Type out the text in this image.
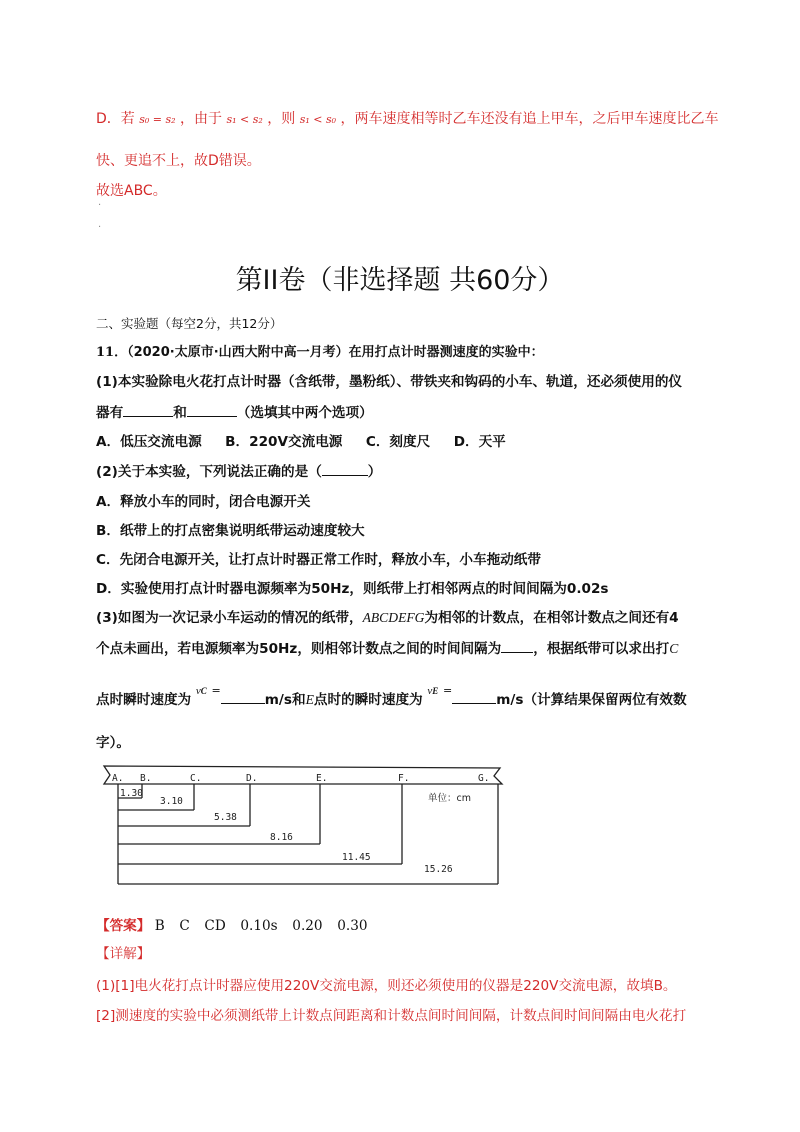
D．若 s₀ = s₂ ，由于 s₁ < s₂ ，则 s₁ < s₀ ，两车速度相等时乙车还没有追上甲车，之后甲车速度比乙车
快、更追不上，故D错误。
故选ABC。
·
·
第II卷（非选择题 共60分）
二、实验题（每空2分，共12分）
11．（2020·太原市·山西大附中高一月考）在用打点计时器测速度的实验中：
(1)本实验除电火花打点计时器（含纸带，墨粉纸）、带铁夹和钩码的小车、轨道，还必须使用的仪
器有	和	（选填其中两个选项）
A．低压交流电源 B．220V交流电源 C．刻度尺 D．天平
(2)关于本实验，下列说法正确的是（	）
A．释放小车的同时，闭合电源开关
B．纸带上的打点密集说明纸带运动速度较大
C．先闭合电源开关，让打点计时器正常工作时，释放小车，小车拖动纸带
D．实验使用打点计时器电源频率为50Hz，则纸带上打相邻两点的时间间隔为0.02s
(3)如图为一次记录小车运动的情况的纸带，ABCDEFG为相邻的计数点，在相邻计数点之间还有4
个点未画出，若电源频率为50Hz，则相邻计数点之间的时间间隔为 ，根据纸带可以求出打C
点时瞬时速度为 vC =m/s和E点时的瞬时速度为 vE =m/s（计算结果保留两位有效数
字）。
A. B.	C.	D.	E.	F.	G.
1.30
3.10
5.38
8.16
11.45
15.26
单位：cm
【答案】 B C CD 0.10s 0.20 0.30
【详解】
(1)[1]电火花打点计时器应使用220V交流电源，则还必须使用的仪器是220V交流电源，故填B。
[2]测速度的实验中必须测纸带上计数点间距离和计数点间时间间隔，计数点间时间间隔由电火花打
